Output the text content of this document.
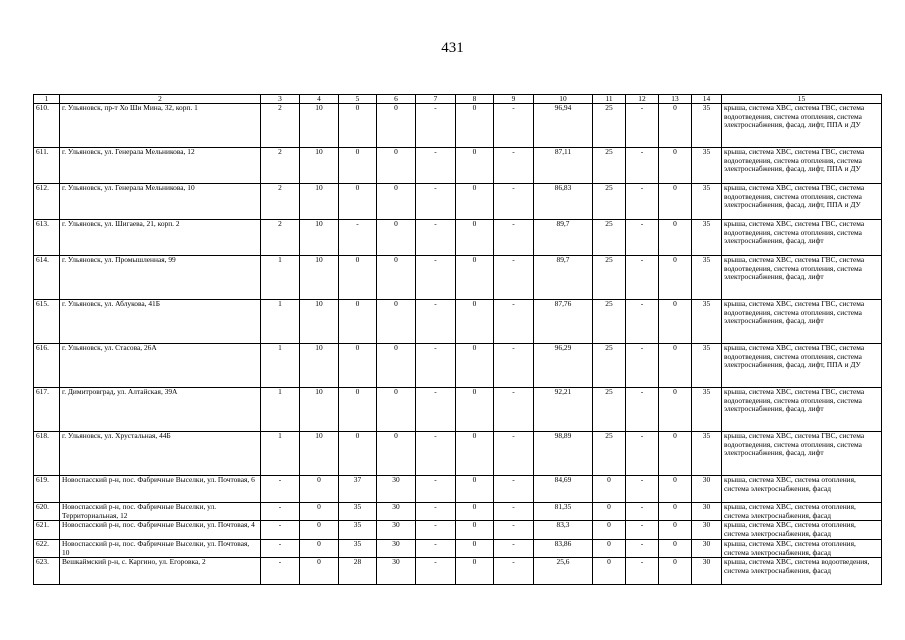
431
1	2	3	4	5	6	7	8	9	10	11	12	13	14	15
610.	г. Ульяновск, пр-т Хо Ши Мина, 32, корп. 1	2	10	0	0	-	0	-	96,94	25	-	0	35	крыша, система ХВС, система ГВС, система водоотведения, система отопления, система электроснабжения, фасад, лифт, ППА и ДУ
611.	г. Ульяновск, ул. Генерала Мельникова, 12	2	10	0	0	-	0	-	87,11	25	-	0	35	крыша, система ХВС, система ГВС, система водоотведения, система отопления, система электроснабжения, фасад, лифт, ППА и ДУ
612.	г. Ульяновск, ул. Генерала Мельникова, 10	2	10	0	0	-	0	-	86,83	25	-	0	35	крыша, система ХВС, система ГВС, система водоотведения, система отопления, система электроснабжения, фасад, лифт, ППА и ДУ
613.	г. Ульяновск, ул. Шигаева, 21, корп. 2	2	10	-	0	-	0	-	89,7	25	-	0	35	крыша, система ХВС, система ГВС, система водоотведения, система отопления, система электроснабжения, фасад, лифт
614.	г. Ульяновск, ул. Промышленная, 99	1	10	0	0	-	0	-	89,7	25	-	0	35	крыша, система ХВС, система ГВС, система водоотведения, система отопления, система электроснабжения, фасад, лифт
615.	г. Ульяновск, ул. Аблукова, 41Б	1	10	0	0	-	0	-	87,76	25	-	0	35	крыша, система ХВС, система ГВС, система водоотведения, система отопления, система электроснабжения, фасад, лифт
616.	г. Ульяновск, ул. Стасова, 26А	1	10	0	0	-	0	-	96,29	25	-	0	35	крыша, система ХВС, система ГВС, система водоотведения, система отопления, система электроснабжения, фасад, лифт, ППА и ДУ
617.	г. Димитровград, ул. Алтайская, 39А	1	10	0	0	-	0	-	92,21	25	-	0	35	крыша, система ХВС, система ГВС, система водоотведения, система отопления, система электроснабжения, фасад, лифт
618.	г. Ульяновск, ул. Хрустальная, 44Б	1	10	0	0	-	0	-	98,89	25	-	0	35	крыша, система ХВС, система ГВС, система водоотведения, система отопления, система электроснабжения, фасад, лифт
619.	Новоспасский р-н, пос. Фабричные Выселки, ул. Почтовая, 6	-	0	37	30	-	0	-	84,69	0	-	0	30	крыша, система ХВС, система отопления, система электроснабжения, фасад
620.	Новоспасский р-н, пос. Фабричные Выселки, ул. Территориальная, 12	-	0	35	30	-	0	-	81,35	0	-	0	30	крыша, система ХВС, система отопления, система электроснабжения, фасад
621.	Новоспасский р-н, пос. Фабричные Выселки, ул. Почтовая, 4	-	0	35	30	-	0	-	83,3	0	-	0	30	крыша, система ХВС, система отопления, система электроснабжения, фасад
622.	Новоспасский р-н, пос. Фабричные Выселки, ул. Почтовая, 10	-	0	35	30	-	0	-	83,86	0	-	0	30	крыша, система ХВС, система отопления, система электроснабжения, фасад
623.	Вешкаймский р-н, с. Каргино, ул. Егоровка, 2	-	0	28	30	-	0	-	25,6	0	-	0	30	крыша, система ХВС, система водоотведения, система электроснабжения, фасад
